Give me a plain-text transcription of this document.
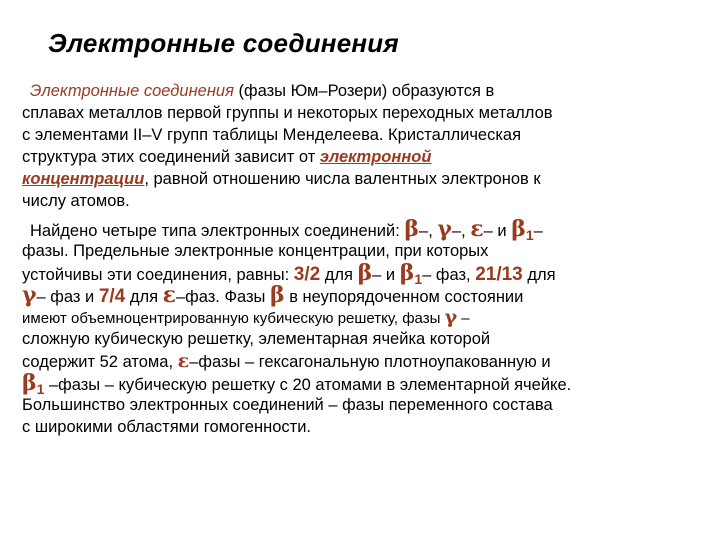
Электронные соединения
Электронные соединения (фазы Юм–Розери) образуются в
сплавах металлов первой группы и некоторых переходных металлов
с элементами II–V групп таблицы Менделеева. Кристаллическая
структура этих соединений зависит от электронной
концентрации, равной отношению числа валентных электронов к
числу атомов.
Найдено четыре типа электронных соединений: β–, γ–, ε– и $\beta_1-$
фазы. Предельные электронные концентрации, при которых
устойчивы эти соединения, равны: 3/2 для β– и $\beta_1-$ фаз, 21/13 для
γ– фаз и 7/4 для ε–фаз. Фазы β в неупорядоченном состоянии
имеют объемноцентрированную кубическую решетку, фазы γ –
сложную кубическую решетку, элементарная ячейка которой
содержит 52 атома, ε–фазы – гексагональную плотноупакованную и
$\beta_1$ –фазы – кубическую решетку с 20 атомами в элементарной ячейке.
Большинство электронных соединений – фазы переменного состава
с широкими областями гомогенности.
